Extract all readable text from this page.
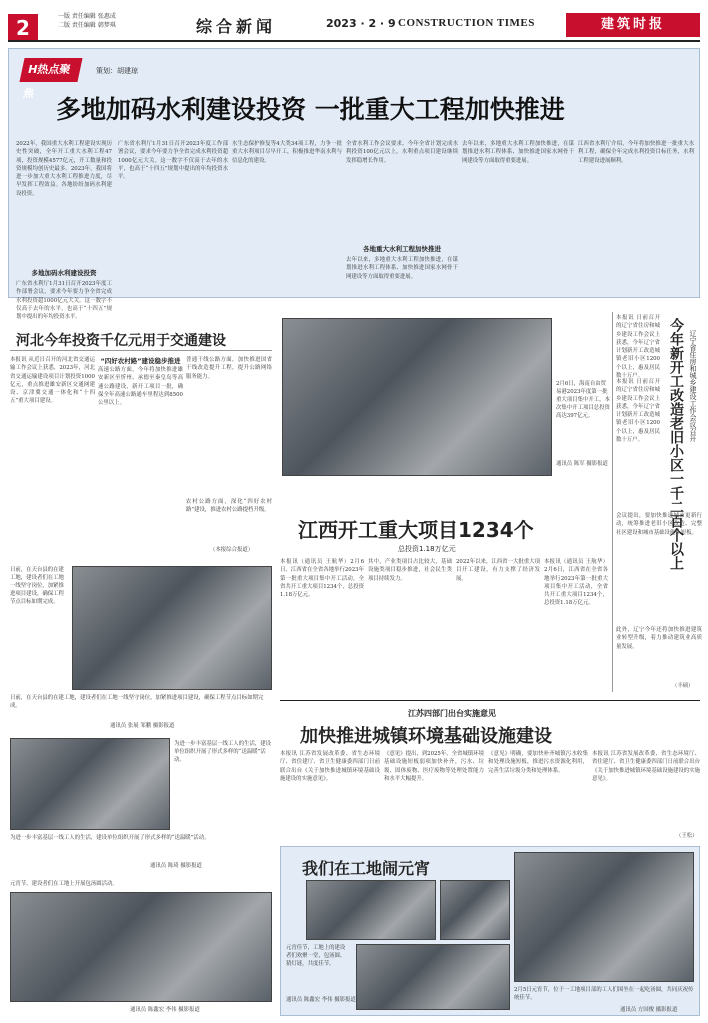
2	一版 责任编辑 张惠成
二版 责任编辑 韩梦琪	综合新闻	2023 · 2 · 9 CONSTRUCTION TIMES	建筑时报
H热点聚焦
策划：胡建琼
多地加码水利建设投资 一批重大工程加快推进
2022年，我国重大水利工程建设实现历史性突破，全年开工重大水利工程47项，投资规模4577亿元，开工数量和投资规模均创历史最多。2023年，我国将进一步加大重大水利工程推进力度，尽早发挥工程效益。各地纷纷加码水利建设投资。
多地加码水利建设投资
广东省水利厅1月31日召开2023年度工作部署会议，要求今年要力争全省完成水利投资超1000亿元大关。这一数字不仅高于去年的水平，也高于“十四五”规划中提出的年均投资水平。
广东省水利厅1月31日召开2023年度工作部署会议，要求今年要力争全省完成水利投资超1000亿元大关。这一数字不仅高于去年的水平，也高于“十四五”规划中提出的年均投资水平。
水生态保护修复等4大类34项工程，力争一批重大水利项目尽早开工，积极推进华南水利与信息化的建设。
全省水利工作会议要求，今年全省计划完成水利投资100亿元以上，水利重点项目建设继续发挥稳增长作用。
各地重大水利工程加快推进
去年以来，多地重大水利工程加快推进，在谋划推进水利工程体系、加快推进国家水网骨干网建设等方面取得重要进展。
去年以来，多地重大水利工程加快推进，在谋划推进水利工程体系、加快推进国家水网骨干网建设等方面取得重要进展。
江西省水利厅介绍，今年将加快推进一批重大水利工程，确保全年完成水利投资目标任务，水利工程建设进展顺利。
河北今年投资千亿元用于交通建设
本报讯 从近日召开的河北省交通运输工作会议上获悉，2023年，河北省交通运输建设项目计划投资1000亿元，重点推进雄安新区交通网建设、京津冀交通一体化和“十四五”重大项目建设。
“四好农村路”建设稳步推进
高速公路方面，今年将加快推进雄安新区至忻州、承德至秦皇岛等高速公路建设，新开工项目一批，确保全年高速公路通车里程达到8500公里以上。
普通干线公路方面，加快推进国省干线改造提升工程，提升公路网络服务能力。
农村公路方面，深化“四好农村路”建设，推进农村公路提档升级。
（本报综合报道）
2月6日，海南自由贸易港2023年度第一批重大项目集中开工，本次集中开工项目总投资高达397亿元。
通讯员 陈军 摄影报道
江西开工重大项目1234个
总投资1.18万亿元
本报讯（通讯员 王航华）2月6日，江西省在全省各地举行2023年第一批重大项目集中开工活动，全省共开工重大项目1234个，总投资1.18万亿元。
其中，产业类项目占比较大，基础设施类项目稳步推进，社会民生类项目持续发力。
2022年以来，江西省一大批重大项目开工建设，有力支撑了经济发展。
本报讯（通讯员 王航华）2月6日，江西省在全省各地举行2023年第一批重大项目集中开工活动，全省共开工重大项目1234个，总投资1.18万亿元。
本报讯 日前召开的辽宁省住房和城乡建设工作会议上获悉，今年辽宁省计划新开工改造城镇老旧小区1200个以上，惠及居民数十万户。	今年新开工改造老旧小区一千二百个以上 辽宁省住房和城乡建设工作会议召开
本报讯 日前召开的辽宁省住房和城乡建设工作会议上获悉，今年辽宁省计划新开工改造城镇老旧小区1200个以上，惠及居民数十万户。
会议提出，要加快推进城市更新行动，统筹推进老旧小区改造、完整社区建设和城市基础设施补短板。
此外，辽宁今年还将加快推进建筑业转型升级，着力推动建筑业高质量发展。
（丰硕）
日前，在天台县的在建工地，建设者们在工地一线坚守岗位，加紧推进项目建设，确保工程节点目标如期完成。
日前，在天台县的在建工地，建设者们在工地一线坚守岗位，加紧推进项目建设，确保工程节点目标如期完成。
通讯员 张展 邹鹏 摄影报道
为进一步丰富基层一线工人的生活，建设单位组织开展了形式多样的“送温暖”活动。
为进一步丰富基层一线工人的生活，建设单位组织开展了形式多样的“送温暖”活动。
通讯员 陈琦 摄影报道
江苏四部门出台实施意见
加快推进城镇环境基础设施建设
本报讯 江苏省发展改革委、省生态环境厅、省住建厅、省卫生健康委四部门日前联合出台《关于加快推进城镇环境基础设施建设的实施意见》。
《意见》提出，到2025年，全省城镇环境基础设施短板弱项加快补齐，污水、垃圾、固体废物、医疗废物等处理处置能力和水平大幅提升。
《意见》明确，要加快补齐城镇污水收集和处理设施短板，推进污水资源化利用，完善生活垃圾分类和处理体系。
本报讯 江苏省发展改革委、省生态环境厅、省住建厅、省卫生健康委四部门日前联合出台《关于加快推进城镇环境基础设施建设的实施意见》。
（王松）
元宵节，建设者们在工地上开展包汤圆活动。
通讯员 陈鑫宏 李伟 摄影报道
我们在工地闹元宵
元宵佳节，工地上的建设者们欢聚一堂，包汤圆、猜灯谜，共度佳节。
通讯员 陈鑫宏 李伟 摄影报道
2月5日元宵节，位于一工地项目部的工人们围坐在一起吃汤圆，共同庆祝传统佳节。
通讯员 方国俊 摄影报道
